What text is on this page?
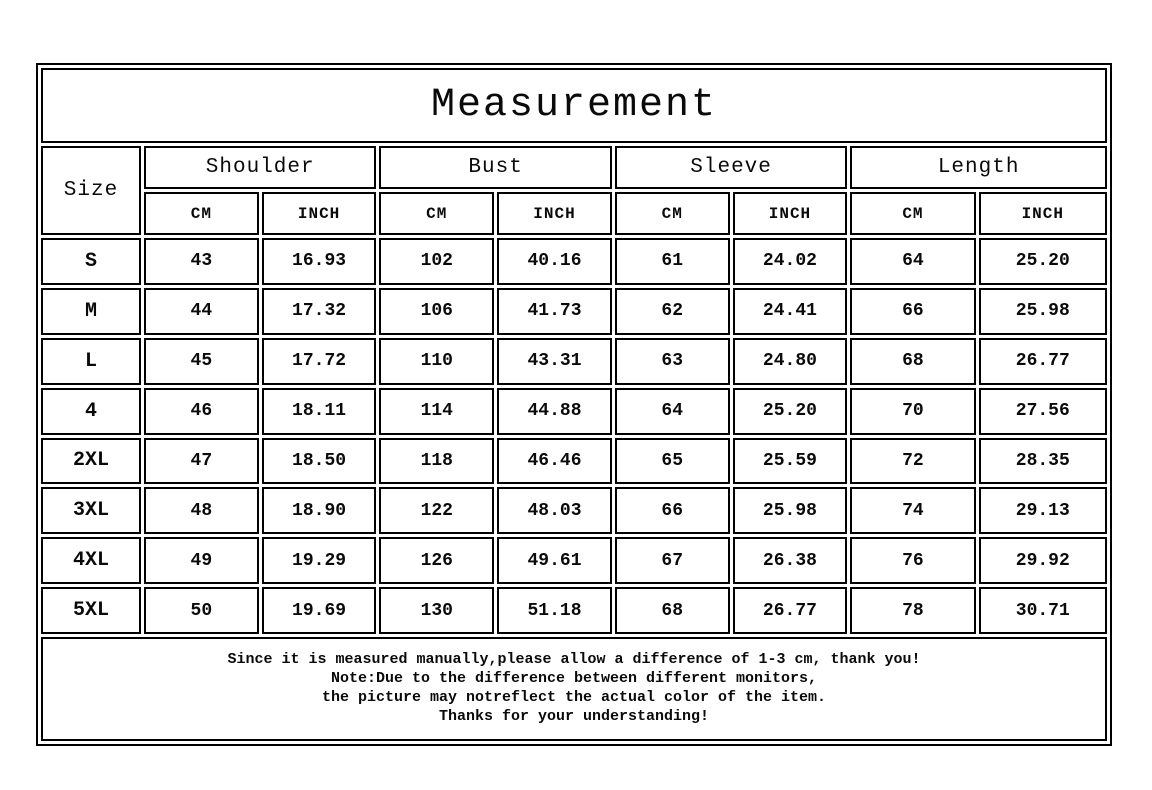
Measurement								
Size	Shoulder		Bust		Sleeve		Length	
	CM	INCH	CM	INCH	CM	INCH	CM	INCH
S	43	16.93	102	40.16	61	24.02	64	25.20
M	44	17.32	106	41.73	62	24.41	66	25.98
L	45	17.72	110	43.31	63	24.80	68	26.77
4	46	18.11	114	44.88	64	25.20	70	27.56
2XL	47	18.50	118	46.46	65	25.59	72	28.35
3XL	48	18.90	122	48.03	66	25.98	74	29.13
4XL	49	19.29	126	49.61	67	26.38	76	29.92
5XL	50	19.69	130	51.18	68	26.77	78	30.71

Since it is measured manually,please allow a difference of 1-3 cm, thank you!
Note:Due to the difference between different monitors,
the picture may notreflect the actual color of the item.
Thanks for your understanding!								
